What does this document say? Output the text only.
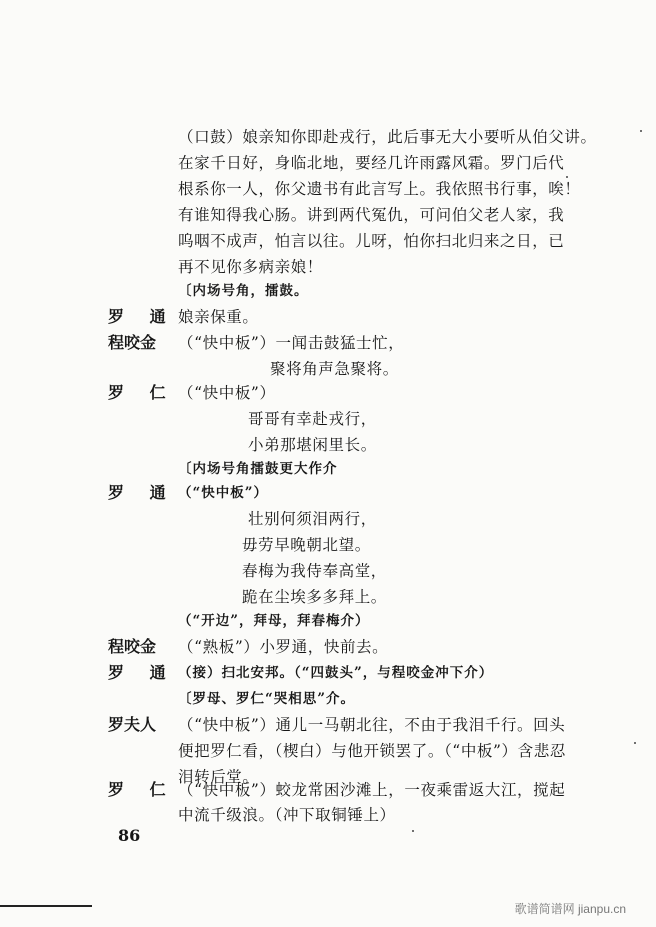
（口鼓）娘亲知你即赴戎行，此后事无大小要听从伯父讲。
在家千日好，身临北地，要经几许雨露风霜。罗门后代
根系你一人，你父遗书有此言写上。我依照书行事，唉！
有谁知得我心肠。讲到两代冤仇，可问伯父老人家，我
呜咽不成声，怕言以往。儿呀，怕你扫北归来之日，已
再不见你多病亲娘！
〔内场号角，擂鼓。
罗 通 娘亲保重。
程咬金	（“快中板”）一闻击鼓猛士忙，
聚将角声急聚将。
罗 仁 （“快中板”）
哥哥有幸赴戎行，
小弟那堪闲里长。
〔内场号角擂鼓更大作介
罗 通 （“快中板”）
壮别何须泪两行，
毋劳早晚朝北望。
春梅为我侍奉高堂，
跪在尘埃多多拜上。
（“开边”，拜母，拜春梅介）
程咬金	（“熟板”）小罗通，快前去。
罗 通 （接）扫北安邦。（“四鼓头”，与程咬金冲下介）
〔罗母、罗仁“哭相思”介。
罗夫人	（“快中板”）通儿一马朝北往，不由于我泪千行。回头
便把罗仁看，（楔白）与他开锁罢了。（“中板”）含悲忍
泪转后堂。
罗 仁 （“快中板”）蛟龙常困沙滩上，一夜乘雷返大江，搅起
中流千级浪。（冲下取铜锤上）
86
歌谱简谱网 jianpu.cn
